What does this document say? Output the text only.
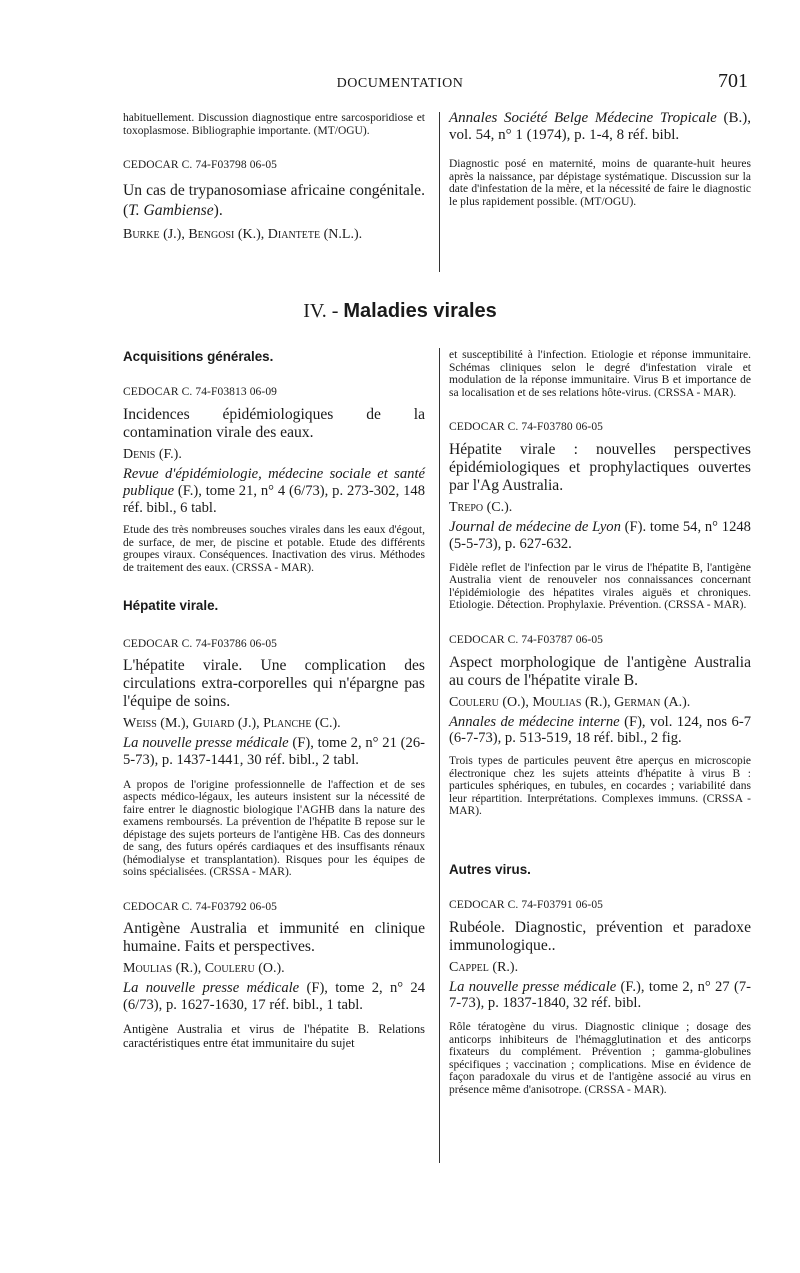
DOCUMENTATION	701

habituellement. Discussion diagnostique entre sarcosporidiose et toxoplasmose. Bibliographie importante. (MT/OGU).

CEDOCAR C. 74-F03798 06-05

Un cas de trypanosomiase africaine congénitale. (T. Gambiense).

Burke (J.), Bengosi (K.), Diantete (N.L.).

Annales Société Belge Médecine Tropicale (B.), vol. 54, n° 1 (1974), p. 1-4, 8 réf. bibl.

Diagnostic posé en maternité, moins de quarante-huit heures après la naissance, par dépistage systématique. Discussion sur la date d'infestation de la mère, et la nécessité de faire le diagnostic le plus rapidement possible. (MT/OGU).

IV. - Maladies virales

Acquisitions générales.

CEDOCAR C. 74-F03813 06-09

Incidences épidémiologiques de la contamination virale des eaux.

Denis (F.).

Revue d'épidémiologie, médecine sociale et santé publique (F.), tome 21, n° 4 (6/73), p. 273-302, 148 réf. bibl., 6 tabl.

Etude des très nombreuses souches virales dans les eaux d'égout, de surface, de mer, de piscine et potable. Etude des différents groupes viraux. Conséquences. Inactivation des virus. Méthodes de traitement des eaux. (CRSSA - MAR).

Hépatite virale.

CEDOCAR C. 74-F03786 06-05

L'hépatite virale. Une complication des circulations extra-corporelles qui n'épargne pas l'équipe de soins.

Weiss (M.), Guiard (J.), Planche (C.).

La nouvelle presse médicale (F), tome 2, n° 21 (26-5-73), p. 1437-1441, 30 réf. bibl., 2 tabl.

A propos de l'origine professionnelle de l'affection et de ses aspects médico-légaux, les auteurs insistent sur la nécessité de faire entrer le diagnostic biologique l'AGHB dans la nature des examens remboursés. La prévention de l'hépatite B repose sur le dépistage des sujets porteurs de l'antigène HB. Cas des donneurs de sang, des futurs opérés cardiaques et des insuffisants rénaux (hémodialyse et transplantation). Risques pour les équipes de soins spécialisées. (CRSSA - MAR).

CEDOCAR C. 74-F03792 06-05

Antigène Australia et immunité en clinique humaine. Faits et perspectives.

Moulias (R.), Couleru (O.).

La nouvelle presse médicale (F), tome 2, n° 24 (6/73), p. 1627-1630, 17 réf. bibl., 1 tabl.

Antigène Australia et virus de l'hépatite B. Relations caractéristiques entre état immunitaire du sujet

et susceptibilité à l'infection. Etiologie et réponse immunitaire. Schémas cliniques selon le degré d'infestation virale et modulation de la réponse immunitaire. Virus B et importance de sa localisation et de ses relations hôte-virus. (CRSSA - MAR).

CEDOCAR C. 74-F03780 06-05

Hépatite virale : nouvelles perspectives épidémiologiques et prophylactiques ouvertes par l'Ag Australia.

Trepo (C.).

Journal de médecine de Lyon (F). tome 54, n° 1248 (5-5-73), p. 627-632.

Fidèle reflet de l'infection par le virus de l'hépatite B, l'antigène Australia vient de renouveler nos connaissances concernant l'épidémiologie des hépatites virales aiguës et chroniques. Etiologie. Détection. Prophylaxie. Prévention. (CRSSA - MAR).

CEDOCAR C. 74-F03787 06-05

Aspect morphologique de l'antigène Australia au cours de l'hépatite virale B.

Couleru (O.), Moulias (R.), German (A.).

Annales de médecine interne (F), vol. 124, nos 6-7 (6-7-73), p. 513-519, 18 réf. bibl., 2 fig.

Trois types de particules peuvent être aperçus en microscopie électronique chez les sujets atteints d'hépatite à virus B : particules sphériques, en tubules, en cocardes ; variabilité dans leur répartition. Interprétations. Complexes immuns. (CRSSA - MAR).

Autres virus.

CEDOCAR C. 74-F03791 06-05

Rubéole. Diagnostic, prévention et paradoxe immunologique..

Cappel (R.).

La nouvelle presse médicale (F.), tome 2, n° 27 (7-7-73), p. 1837-1840, 32 réf. bibl.

Rôle tératogène du virus. Diagnostic clinique ; dosage des anticorps inhibiteurs de l'hémagglutination et des anticorps fixateurs du complément. Prévention ; gamma-globulines spécifiques ; vaccination ; complications. Mise en évidence de façon paradoxale du virus et de l'antigène associé au virus en présence même d'anisotrope. (CRSSA - MAR).
